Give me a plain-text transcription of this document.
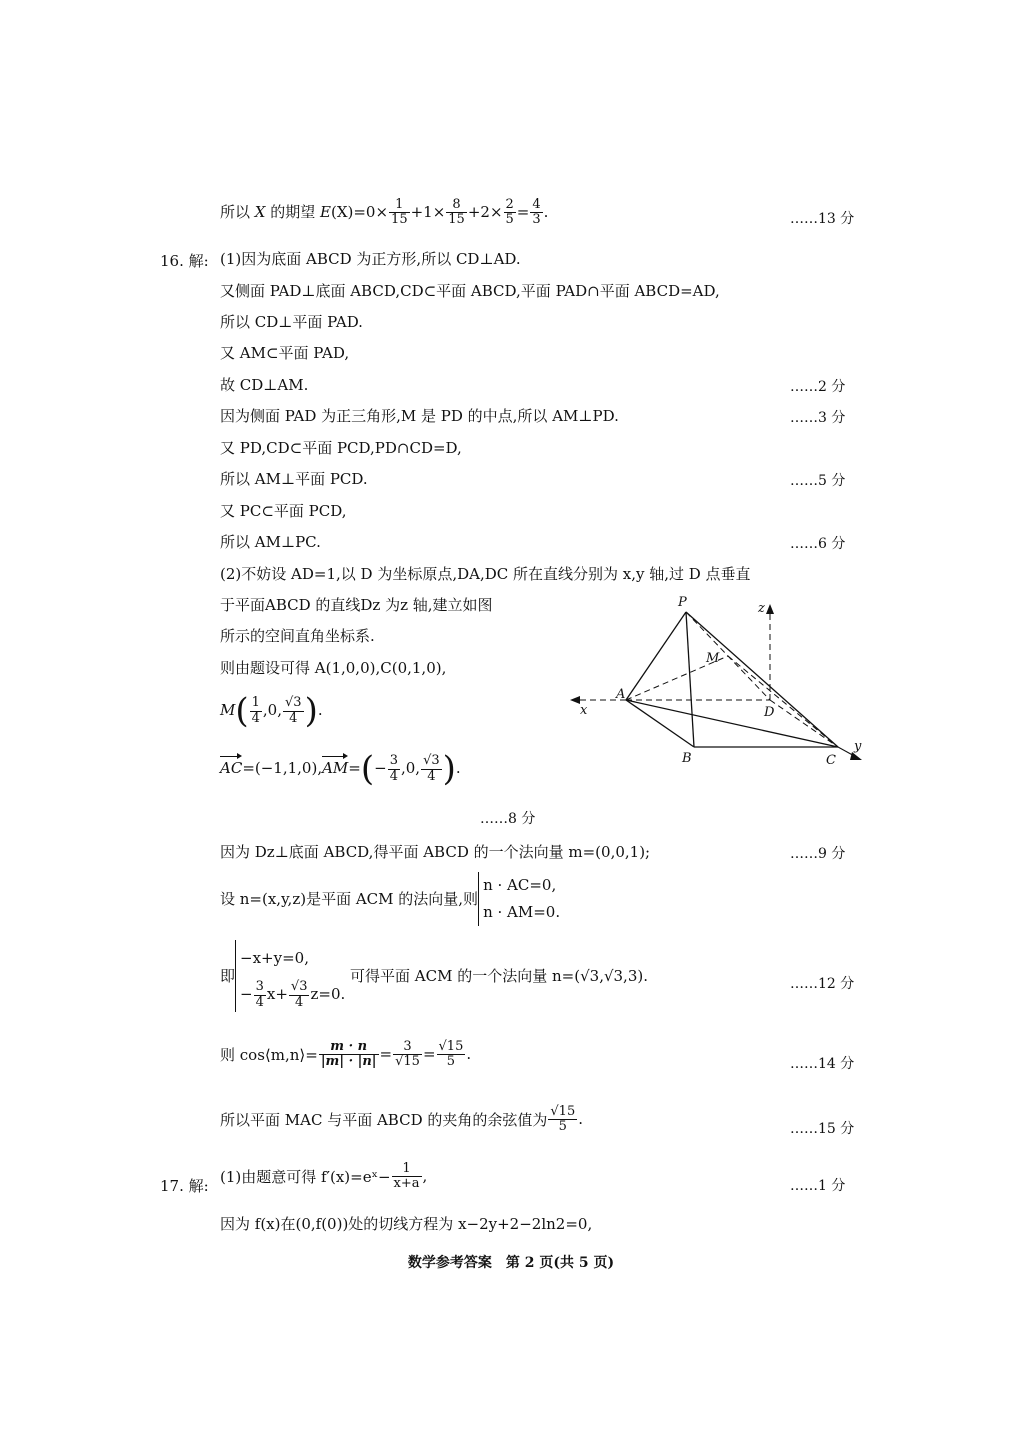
所以 X 的期望 $E(X)=0\times \frac{1}{15} +1\times \frac{8}{15} +2\times \frac{2}{5} = \frac{4}{3}$ .	……13 分
16. 解: (1)因为底面 ABCD 为正方形,所以 CD⊥AD.
又侧面 PAD⊥底面 ABCD,CD⊂平面 ABCD,平面 PAD∩平面 ABCD=AD,
所以 CD⊥平面 PAD.
又 AM⊂平面 PAD,
故 CD⊥AM.	……2 分
因为侧面 PAD 为正三角形,M 是 PD 的中点,所以 AM⊥PD.	……3 分
又 PD,CD⊂平面 PCD,PD∩CD=D,
所以 AM⊥平面 PCD.	……5 分
又 PC⊂平面 PCD,
所以 AM⊥PC.	……6 分
(2)不妨设 AD=1,以 D 为坐标原点,DA,DC 所在直线分别为 x,y 轴,过 D 点垂直
于平面ABCD 的直线Dz 为z 轴,建立如图
所示的空间直角坐标系.
则由题设可得 A(1,0,0),C(0,1,0),
$M( \frac{1}{4} ,0$, $\frac{√3}{4}$ ).
$AC=(-1,1,0),AM=(- \frac{3}{4} ,0$, $\frac{√3}{4}$ ).
……8 分
因为 Dz⊥底面 ABCD,得平面 ABCD 的一个法向量 m=(0,0,1);	……9 分
设 n=(x,y,z)是平面 ACM 的法向量,则
n · AC=0,
n · AM=0.
即
−x+y=0,
− $\frac{3}{4} x+ \frac{√3}{4} z=0$.
可得平面 ACM 的一个法向量 n=(√3,√3,3).	……12 分
则 cos⟨m,n⟩= $\frac{m \cdot n}{|m| \cdot |n|} = \frac{3}{√15} = \frac{√15}{5}$ .
……14 分
所以平面 MAC 与平面 ABCD 的夹角的余弦值为 $\frac{√15}{5}$ .
……15 分
17. 解:
(1)由题意可得 f′(x)=eˣ− $\frac{1}{x+a}$ ,
……1 分
因为 f(x)在(0,f(0))处的切线方程为 x−2y+2−2ln2=0,
P	z
M
A
x	D
B	C
y
数学参考答案　第 2 页(共 5 页)
